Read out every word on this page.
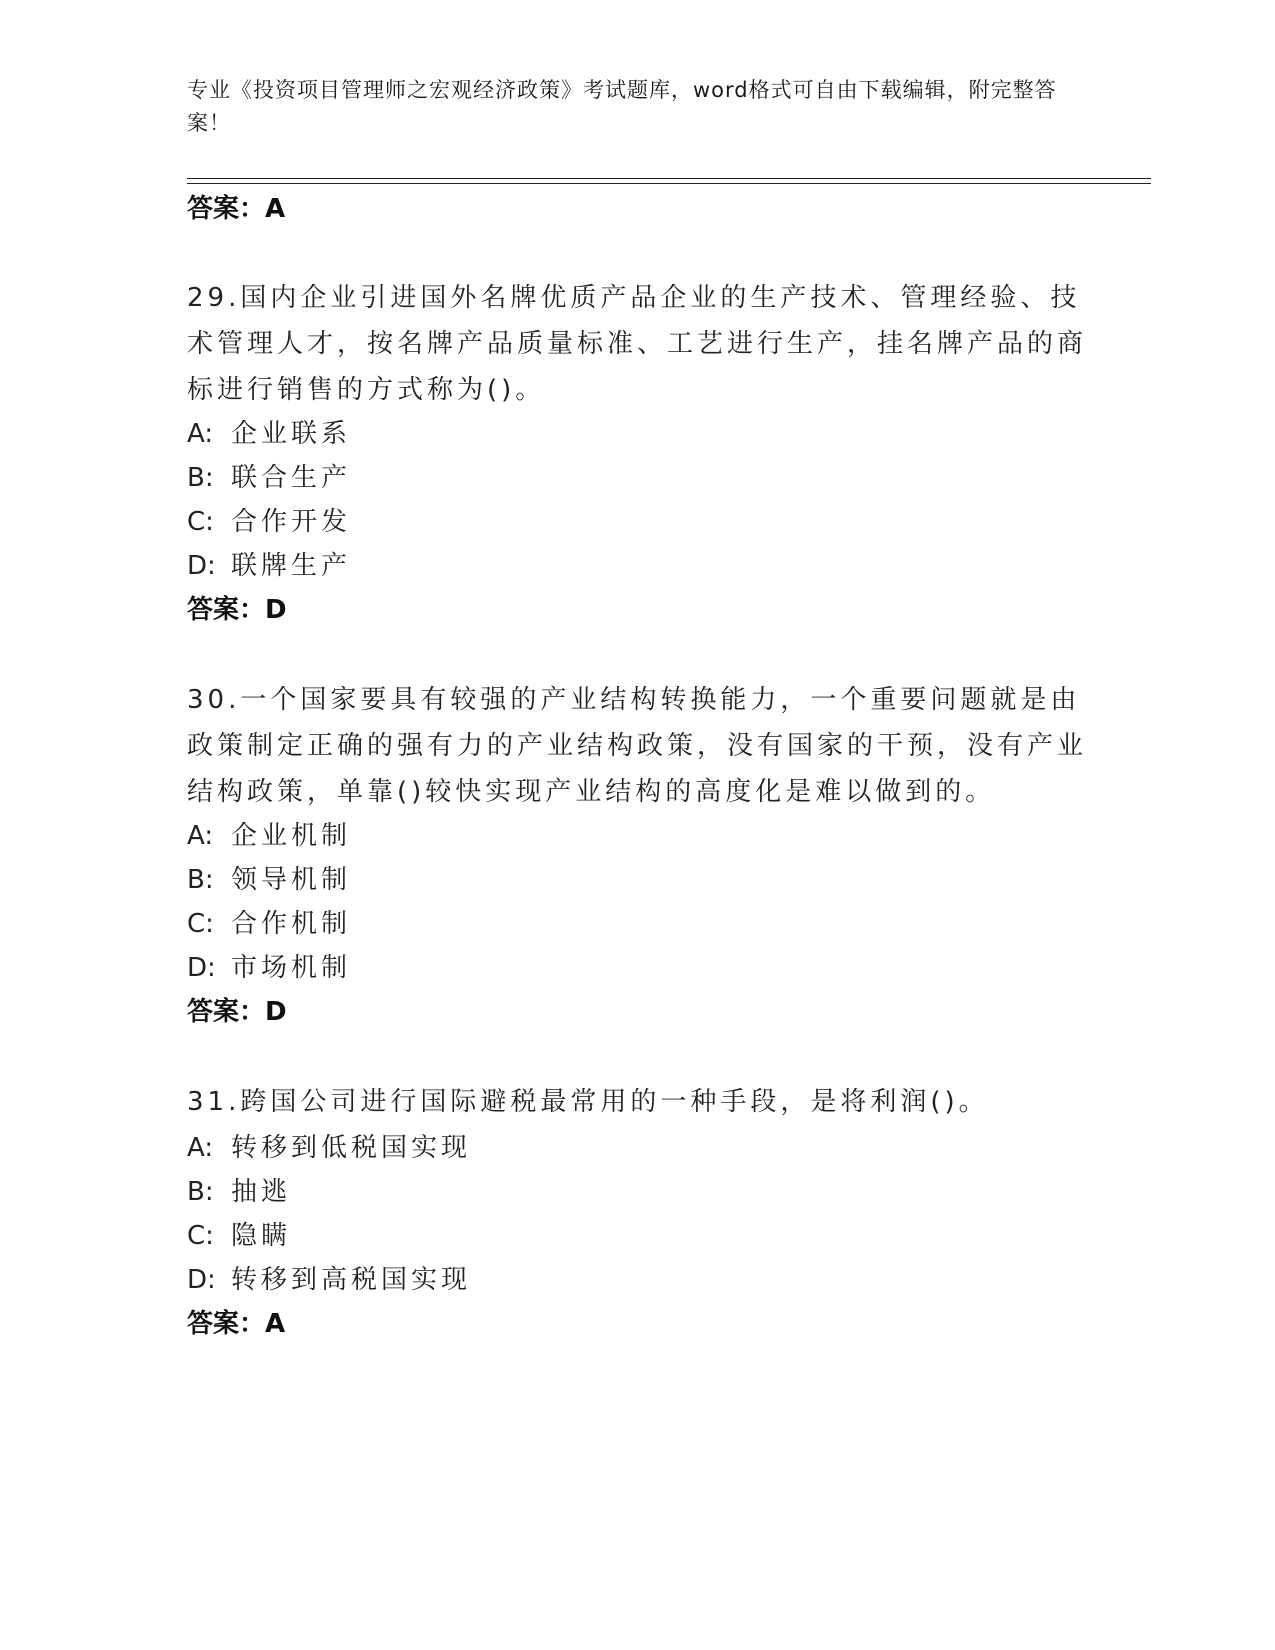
专业《投资项目管理师之宏观经济政策》考试题库，word格式可自由下载编辑，附完整答案！
答案：A
29.国内企业引进国外名牌优质产品企业的生产技术、管理经验、技术管理人才，按名牌产品质量标准、工艺进行生产，挂名牌产品的商标进行销售的方式称为()。
A: 企业联系
B: 联合生产
C: 合作开发
D: 联牌生产
答案：D
30.一个国家要具有较强的产业结构转换能力，一个重要问题就是由政策制定正确的强有力的产业结构政策，没有国家的干预，没有产业结构政策，单靠()较快实现产业结构的高度化是难以做到的。
A: 企业机制
B: 领导机制
C: 合作机制
D: 市场机制
答案：D
31.跨国公司进行国际避税最常用的一种手段，是将利润()。
A: 转移到低税国实现
B: 抽逃
C: 隐瞒
D: 转移到高税国实现
答案：A
